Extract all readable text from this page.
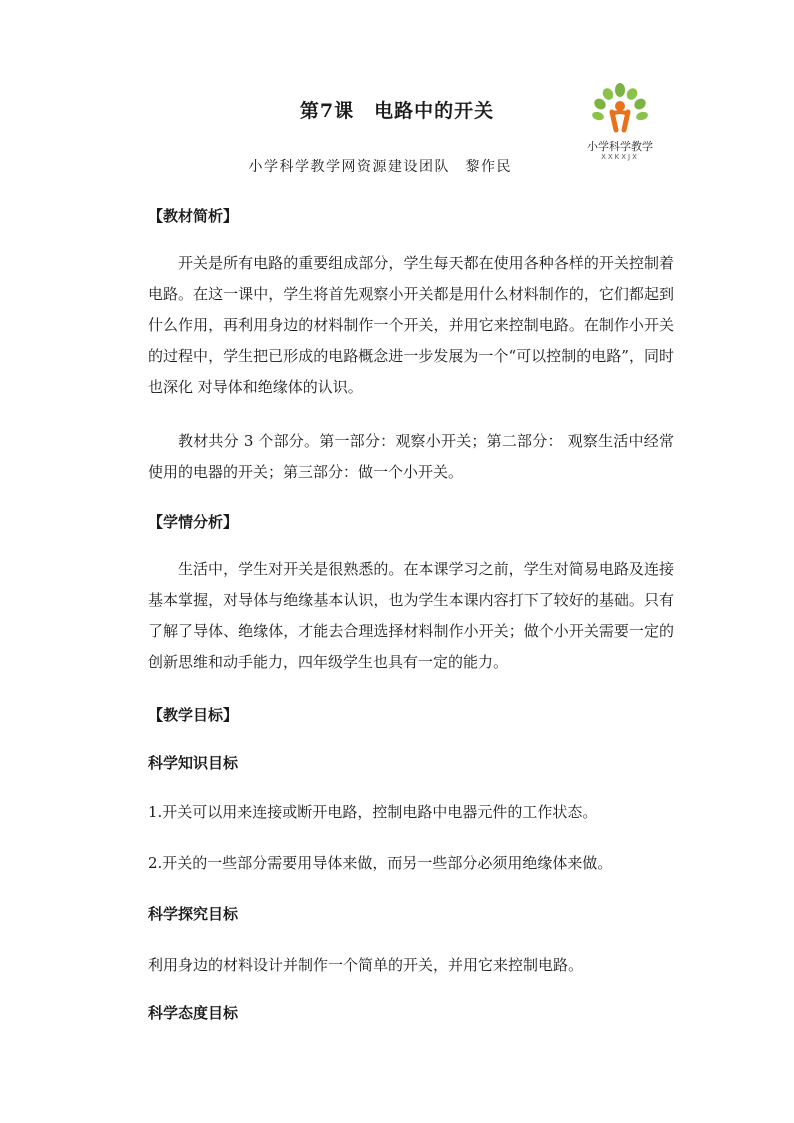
第7课　电路中的开关
小学科学教学
XXKXJX
小学科学教学网资源建设团队　黎作民
【教材简析】

开关是所有电路的重要组成部分，学生每天都在使用各种各样的开关控制着电路。在这一课中，学生将首先观察小开关都是用什么材料制作的，它们都起到 什么作用，再利用身边的材料制作一个开关，并用它来控制电路。在制作小开关 的过程中，学生把已形成的电路概念进一步发展为一个“可以控制的电路”，同时也深化 对导体和绝缘体的认识。

教材共分 3 个部分。第一部分：观察小开关；第二部分： 观察生活中经常使用的电器的开关；第三部分：做一个小开关。

【学情分析】

生活中，学生对开关是很熟悉的。在本课学习之前，学生对简易电路及连接基本掌握，对导体与绝缘基本认识，也为学生本课内容打下了较好的基础。只有了解了导体、绝缘体，才能去合理选择材料制作小开关；做个小开关需要一定的创新思维和动手能力，四年级学生也具有一定的能力。

【教学目标】
科学知识目标
1.开关可以用来连接或断开电路，控制电路中电器元件的工作状态。
2.开关的一些部分需要用导体来做，而另一些部分必须用绝缘体来做。
科学探究目标
利用身边的材料设计并制作一个简单的开关，并用它来控制电路。
科学态度目标
